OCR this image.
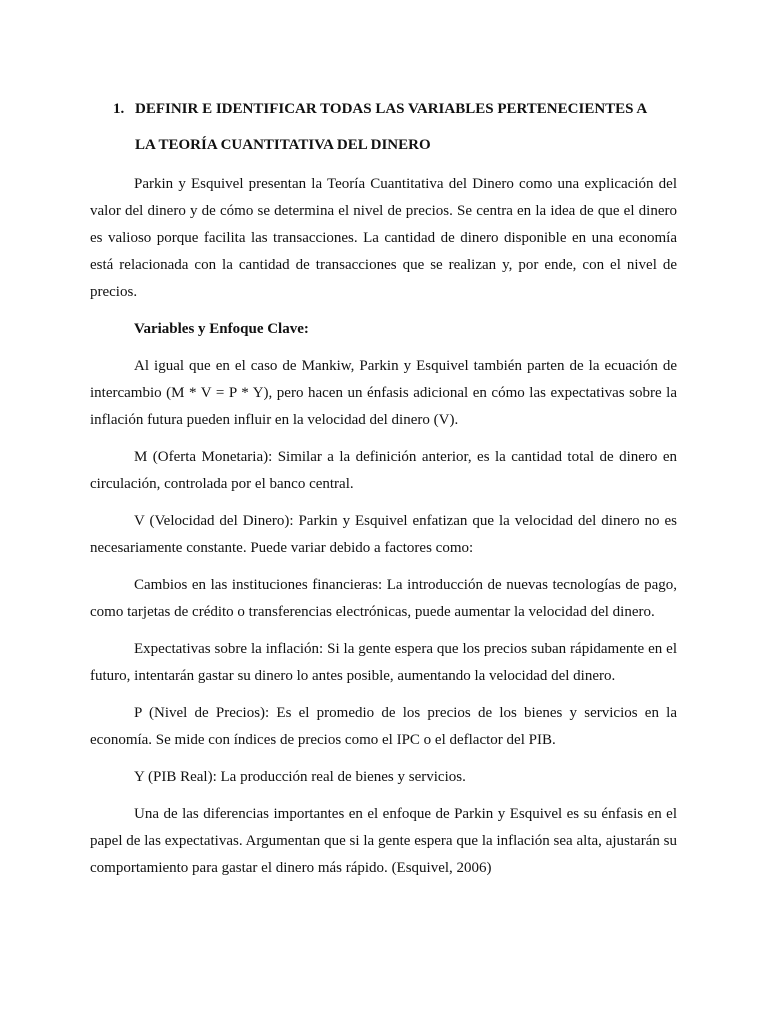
1. DEFINIR E IDENTIFICAR TODAS LAS VARIABLES PERTENECIENTES A
LA TEORÍA CUANTITATIVA DEL DINERO

Parkin y Esquivel presentan la Teoría Cuantitativa del Dinero como una explicación del valor del dinero y de cómo se determina el nivel de precios. Se centra en la idea de que el dinero es valioso porque facilita las transacciones. La cantidad de dinero disponible en una economía está relacionada con la cantidad de transacciones que se realizan y, por ende, con el nivel de precios.

Variables y Enfoque Clave:

Al igual que en el caso de Mankiw, Parkin y Esquivel también parten de la ecuación de intercambio (M * V = P * Y), pero hacen un énfasis adicional en cómo las expectativas sobre la inflación futura pueden influir en la velocidad del dinero (V).

M (Oferta Monetaria): Similar a la definición anterior, es la cantidad total de dinero en circulación, controlada por el banco central.

V (Velocidad del Dinero): Parkin y Esquivel enfatizan que la velocidad del dinero no es necesariamente constante. Puede variar debido a factores como:

Cambios en las instituciones financieras: La introducción de nuevas tecnologías de pago, como tarjetas de crédito o transferencias electrónicas, puede aumentar la velocidad del dinero.

Expectativas sobre la inflación: Si la gente espera que los precios suban rápidamente en el futuro, intentarán gastar su dinero lo antes posible, aumentando la velocidad del dinero.

P (Nivel de Precios): Es el promedio de los precios de los bienes y servicios en la economía. Se mide con índices de precios como el IPC o el deflactor del PIB.

Y (PIB Real): La producción real de bienes y servicios.

Una de las diferencias importantes en el enfoque de Parkin y Esquivel es su énfasis en el papel de las expectativas. Argumentan que si la gente espera que la inflación sea alta, ajustarán su comportamiento para gastar el dinero más rápido. (Esquivel, 2006)
